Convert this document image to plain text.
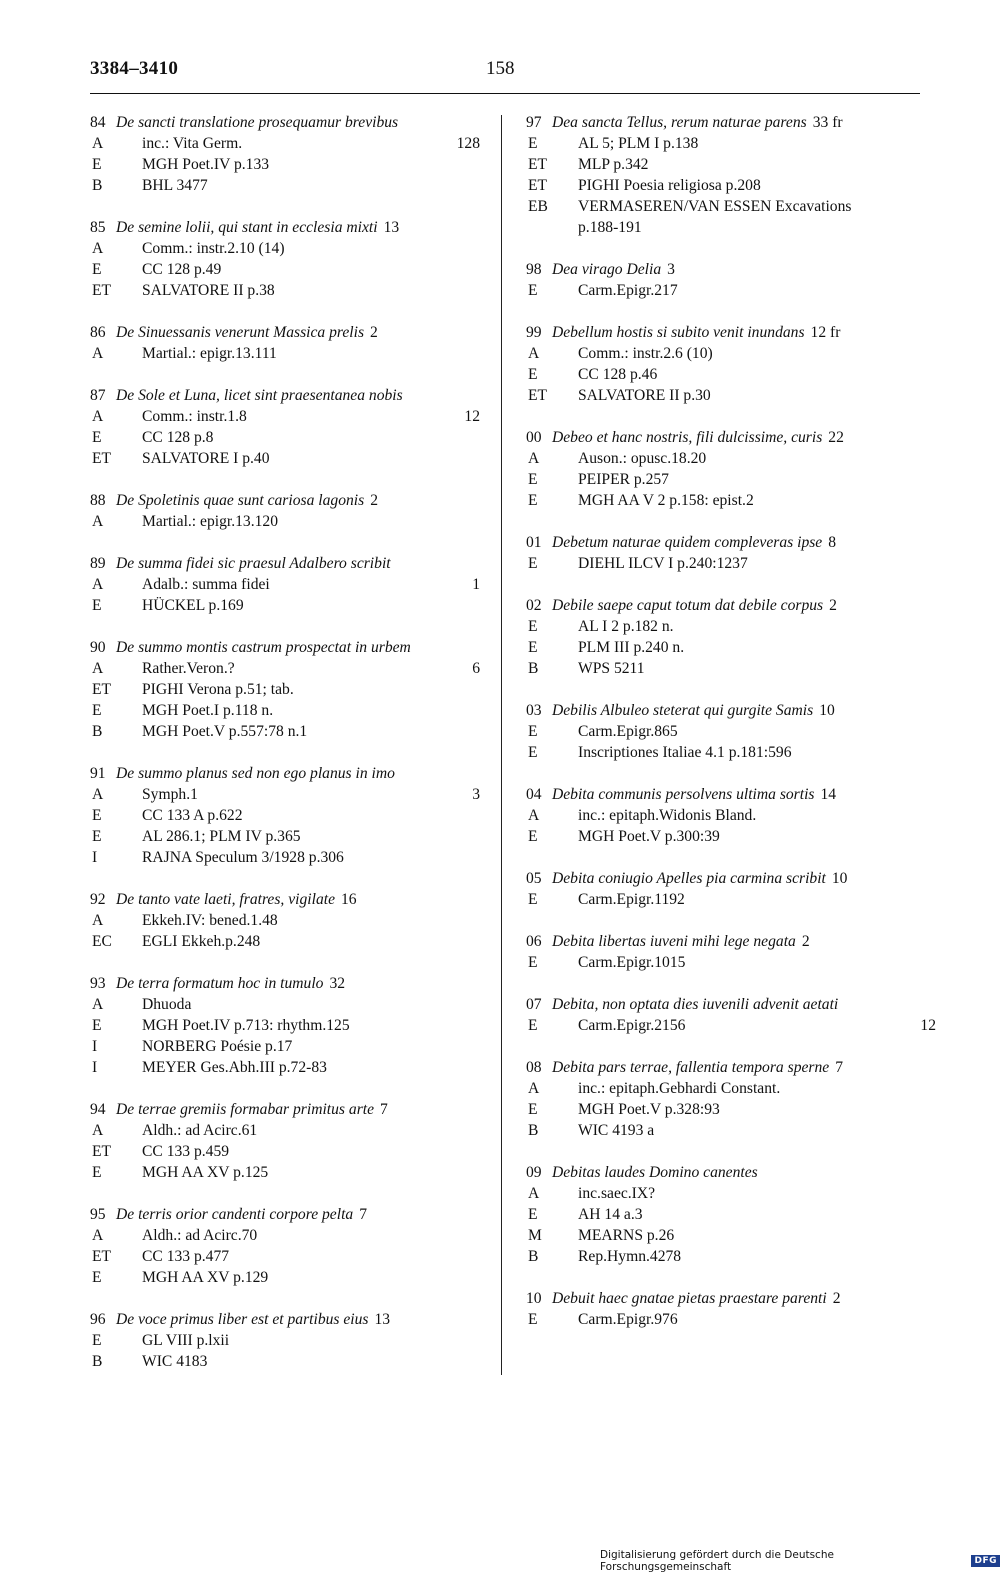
3384–3410	158
84 De sancti translatione prosequamur brevibus
A inc.: Vita Germ.	128
E	MGH Poet.IV p.133
B	BHL 3477
85 De semine lolii, qui stant in ecclesia mixti 13
A Comm.: instr.2.10 (14)
E	CC 128 p.49
ET SALVATORE II p.38
86 De Sinuessanis venerunt Massica prelis 2
A Martial.: epigr.13.111
87 De Sole et Luna, licet sint praesentanea nobis
A Comm.: instr.1.8	12
E	CC 128 p.8
ET SALVATORE I p.40
88 De Spoletinis quae sunt cariosa lagonis 2
A Martial.: epigr.13.120
89 De summa fidei sic praesul Adalbero scribit
A Adalb.: summa fidei	1
E	HÜCKEL p.169
90 De summo montis castrum prospectat in urbem
A Rather.Veron.?	6
ET PIGHI Verona p.51; tab.
E	MGH Poet.I p.118 n.
B	MGH Poet.V p.557:78 n.1
91 De summo planus sed non ego planus in imo
A Symph.1	3
E	CC 133 A p.622
E	AL 286.1; PLM IV p.365
I	RAJNA Speculum 3/1928 p.306
92 De tanto vate laeti, fratres, vigilate 16
A Ekkeh.IV: bened.1.48
EC EGLI Ekkeh.p.248
93 De terra formatum hoc in tumulo 32
A Dhuoda
E	MGH Poet.IV p.713: rhythm.125
I	NORBERG Poésie p.17
I	MEYER Ges.Abh.III p.72-83
94 De terrae gremiis formabar primitus arte 7
A Aldh.: ad Acirc.61
ET CC 133 p.459
E	MGH AA XV p.125
95 De terris orior candenti corpore pelta 7
A Aldh.: ad Acirc.70
ET CC 133 p.477
E	MGH AA XV p.129
96 De voce primus liber est et partibus eius 13
E	GL VIII p.lxii
B	WIC 4183
97 Dea sancta Tellus, rerum naturae parens 33 fr
E	AL 5; PLM I p.138
ET MLP p.342
ET PIGHI Poesia religiosa p.208
EB VERMASEREN/VAN ESSEN Excavations
p.188-191
98 Dea virago Delia 3
E	Carm.Epigr.217
99 Debellum hostis si subito venit inundans 12 fr
A Comm.: instr.2.6 (10)
E	CC 128 p.46
ET SALVATORE II p.30
00 Debeo et hanc nostris, fili dulcissime, curis 22
A Auson.: opusc.18.20
E	PEIPER p.257
E	MGH AA V 2 p.158: epist.2
01 Debetum naturae quidem compleveras ipse 8
E	DIEHL ILCV I p.240:1237
02 Debile saepe caput totum dat debile corpus 2
E	AL I 2 p.182 n.
E	PLM III p.240 n.
B	WPS 5211
03 Debilis Albuleo steterat qui gurgite Samis 10
E	Carm.Epigr.865
E	Inscriptiones Italiae 4.1 p.181:596
04 Debita communis persolvens ultima sortis 14
A inc.: epitaph.Widonis Bland.
E	MGH Poet.V p.300:39
05 Debita coniugio Apelles pia carmina scribit 10
E	Carm.Epigr.1192
06 Debita libertas iuveni mihi lege negata 2
E	Carm.Epigr.1015
07 Debita, non optata dies iuvenili advenit aetati
E	Carm.Epigr.2156	12
08 Debita pars terrae, fallentia tempora sperne 7
A inc.: epitaph.Gebhardi Constant.
E	MGH Poet.V p.328:93
B	WIC 4193 a
09 Debitas laudes Domino canentes
A inc.saec.IX?
E	AH 14 a.3
M MEARNS p.26
B	Rep.Hymn.4278
10 Debuit haec gnatae pietas praestare parenti 2
E	Carm.Epigr.976
Digitalisierung gefördert durch die Deutsche Forschungsgemeinschaft	DFG
